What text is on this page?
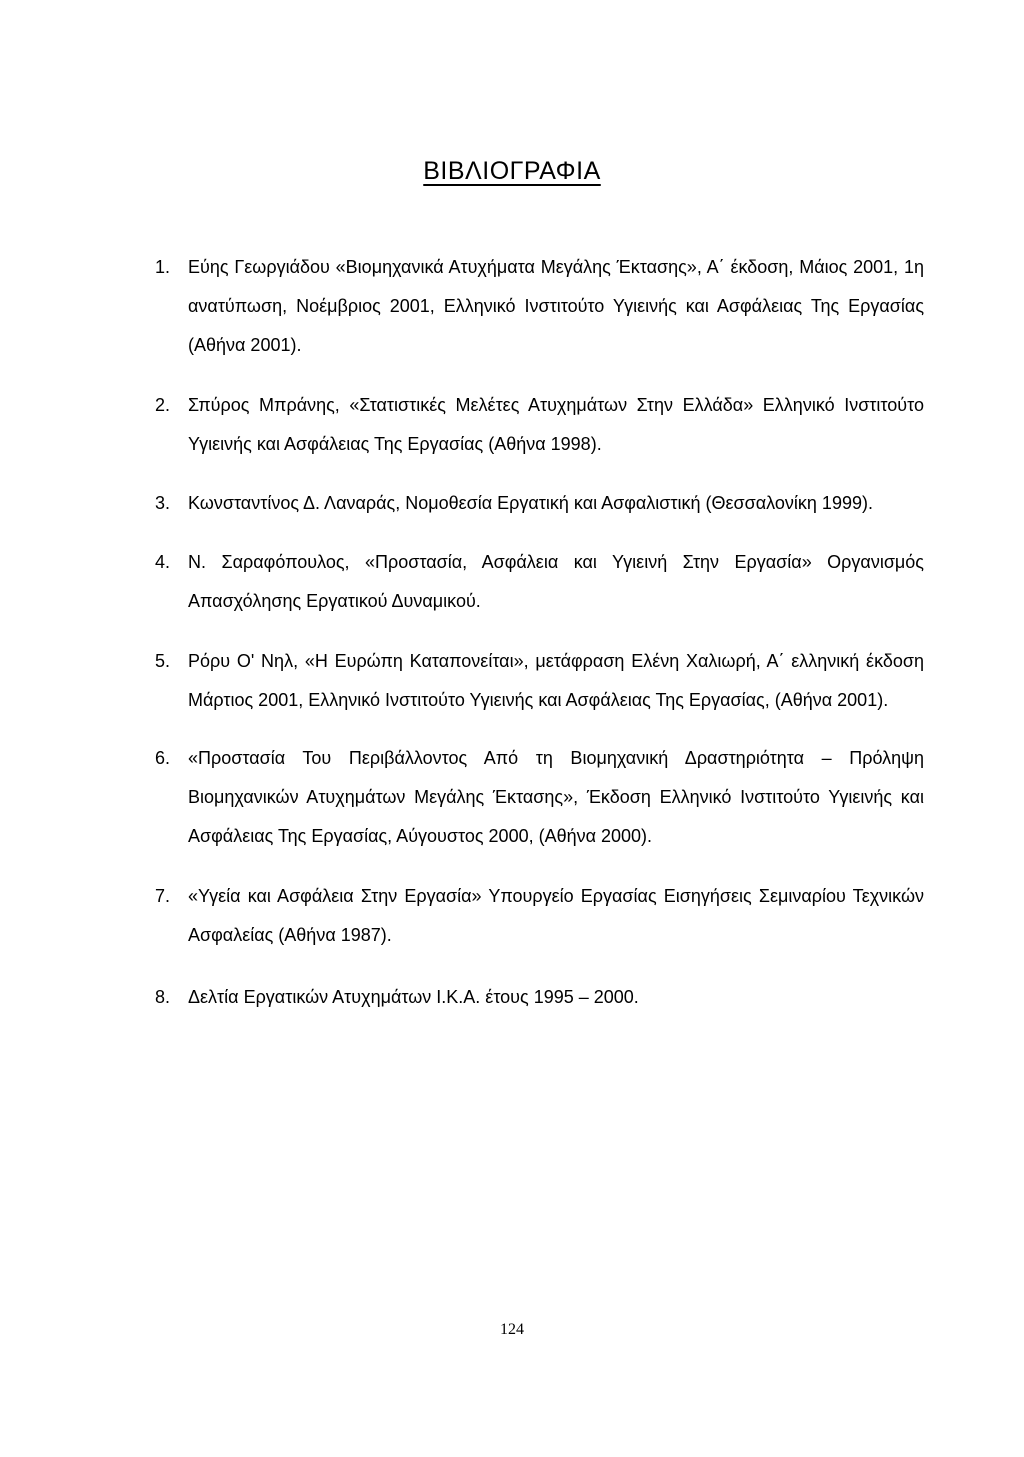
ΒΙΒΛΙΟΓΡΑΦΙΑ
1. Εύης Γεωργιάδου «Βιομηχανικά Ατυχήματα Μεγάλης Έκτασης», Α΄ έκδοση, Μάιος 2001, 1η ανατύπωση, Νοέμβριος 2001, Ελληνικό Ινστιτούτο Υγιεινής και Ασφάλειας Της Εργασίας (Αθήνα 2001).
2. Σπύρος Μπράνης, «Στατιστικές Μελέτες Ατυχημάτων Στην Ελλάδα» Ελληνικό Ινστιτούτο Υγιεινής και Ασφάλειας Της Εργασίας (Αθήνα 1998).
3. Κωνσταντίνος Δ. Λαναράς, Νομοθεσία Εργατική και Ασφαλιστική (Θεσσαλονίκη 1999).
4. Ν. Σαραφόπουλος, «Προστασία, Ασφάλεια και Υγιεινή Στην Εργασία» Οργανισμός Απασχόλησης Εργατικού Δυναμικού.
5. Ρόρυ Ο' Νηλ, «Η Ευρώπη Καταπονείται», μετάφραση Ελένη Χαλιωρή, Α΄ ελληνική έκδοση Μάρτιος 2001, Ελληνικό Ινστιτούτο Υγιεινής και Ασφάλειας Της Εργασίας, (Αθήνα 2001).
6. «Προστασία Του Περιβάλλοντος Από τη Βιομηχανική Δραστηριότητα – Πρόληψη Βιομηχανικών Ατυχημάτων Μεγάλης Έκτασης», Έκδοση Ελληνικό Ινστιτούτο Υγιεινής και Ασφάλειας Της Εργασίας, Αύγουστος 2000, (Αθήνα 2000).
7. «Υγεία και Ασφάλεια Στην Εργασία» Υπουργείο Εργασίας Εισηγήσεις Σεμιναρίου Τεχνικών Ασφαλείας (Αθήνα 1987).
8. Δελτία Εργατικών Ατυχημάτων Ι.Κ.Α. έτους 1995 – 2000.
124
